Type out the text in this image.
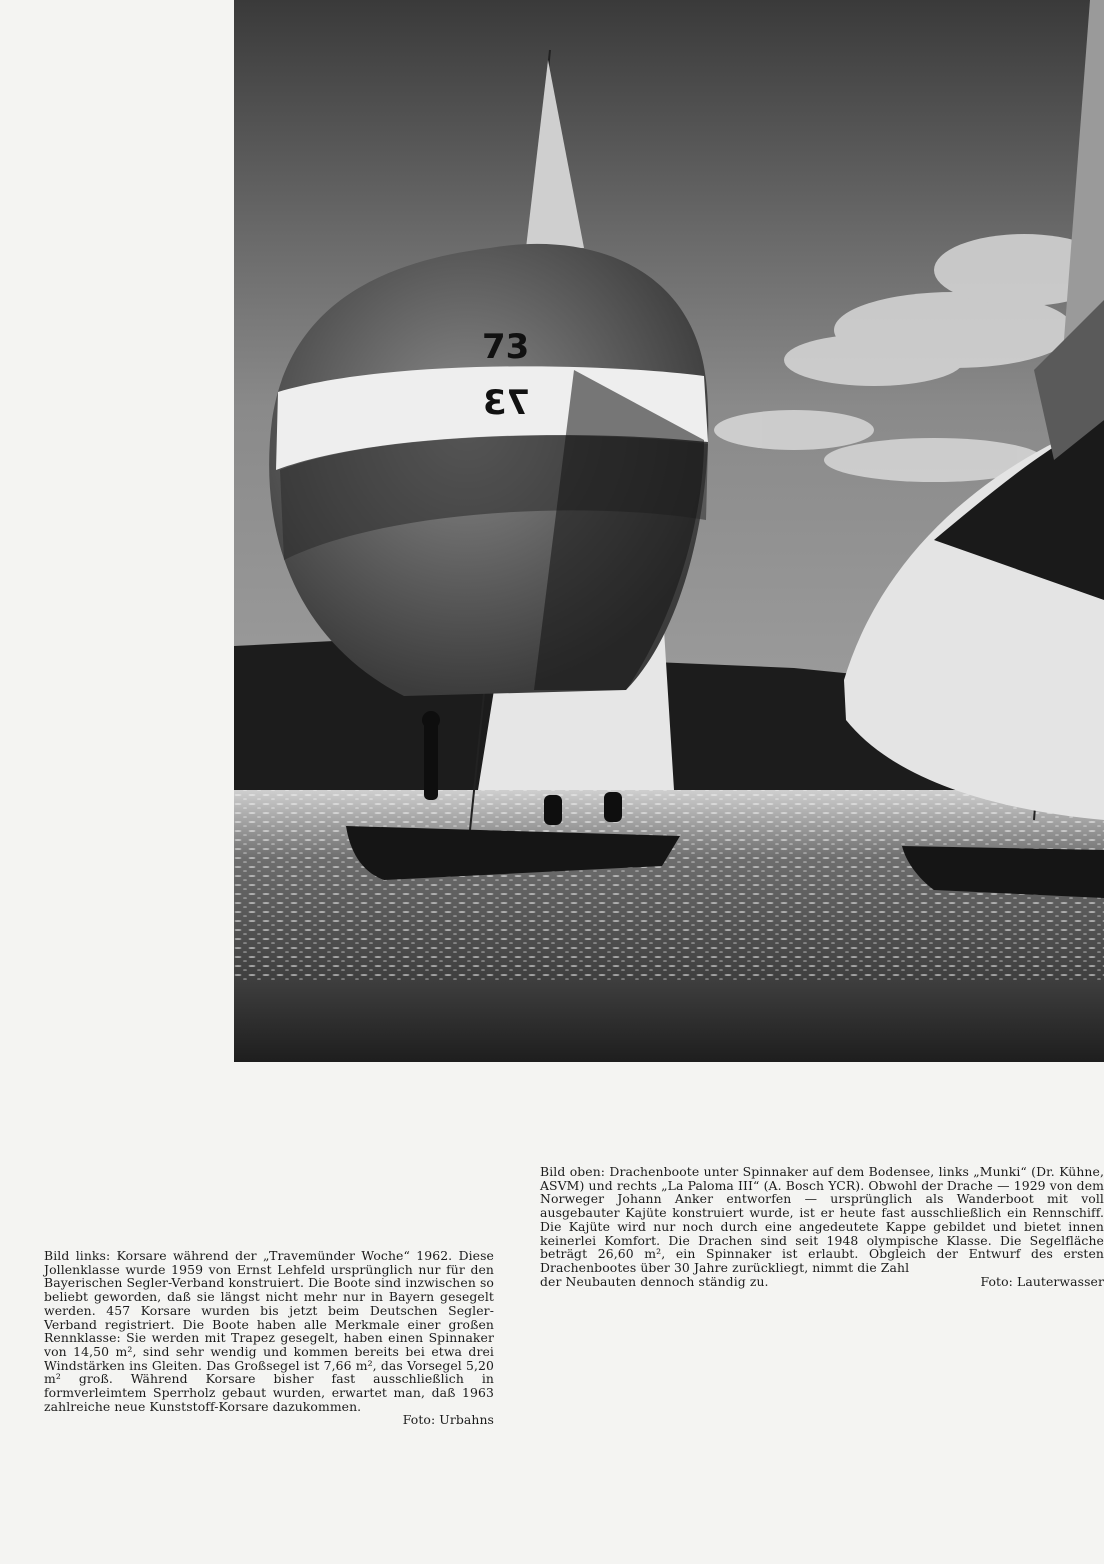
73
73

Bild links: Korsare während der „Travemünder Woche“ 1962. Diese Jollenklasse wurde 1959 von Ernst Lehfeld ursprünglich nur für den Bayerischen Segler-Verband konstruiert. Die Boote sind inzwischen so beliebt geworden, daß sie längst nicht mehr nur in Bayern gesegelt werden. 457 Korsare wurden bis jetzt beim Deutschen Segler-Verband registriert. Die Boote haben alle Merkmale einer großen Rennklasse: Sie werden mit Trapez gesegelt, haben einen Spinnaker von 14,50 m², sind sehr wendig und kommen bereits bei etwa drei Windstärken ins Gleiten. Das Großsegel ist 7,66 m², das Vorsegel 5,20 m² groß. Während Korsare bisher fast ausschließlich in formverleimtem Sperrholz gebaut wurden, erwartet man, daß 1963 zahlreiche neue Kunststoff-Korsare dazukommen.

Foto: Urbahns

Bild oben: Drachenboote unter Spinnaker auf dem Bodensee, links „Munki“ (Dr. Kühne, ASVM) und rechts „La Paloma III“ (A. Bosch YCR). Obwohl der Drache — 1929 von dem Norweger Johann Anker entworfen — ursprünglich als Wanderboot mit voll ausgebauter Kajüte konstruiert wurde, ist er heute fast ausschließlich ein Rennschiff. Die Kajüte wird nur noch durch eine angedeutete Kappe gebildet und bietet innen keinerlei Komfort. Die Drachen sind seit 1948 olympische Klasse. Die Segelfläche beträgt 26,60 m², ein Spinnaker ist erlaubt. Obgleich der Entwurf des ersten Drachenbootes über 30 Jahre zurückliegt, nimmt die Zahl

der Neubauten dennoch ständig zu.	Foto: Lauterwasser
